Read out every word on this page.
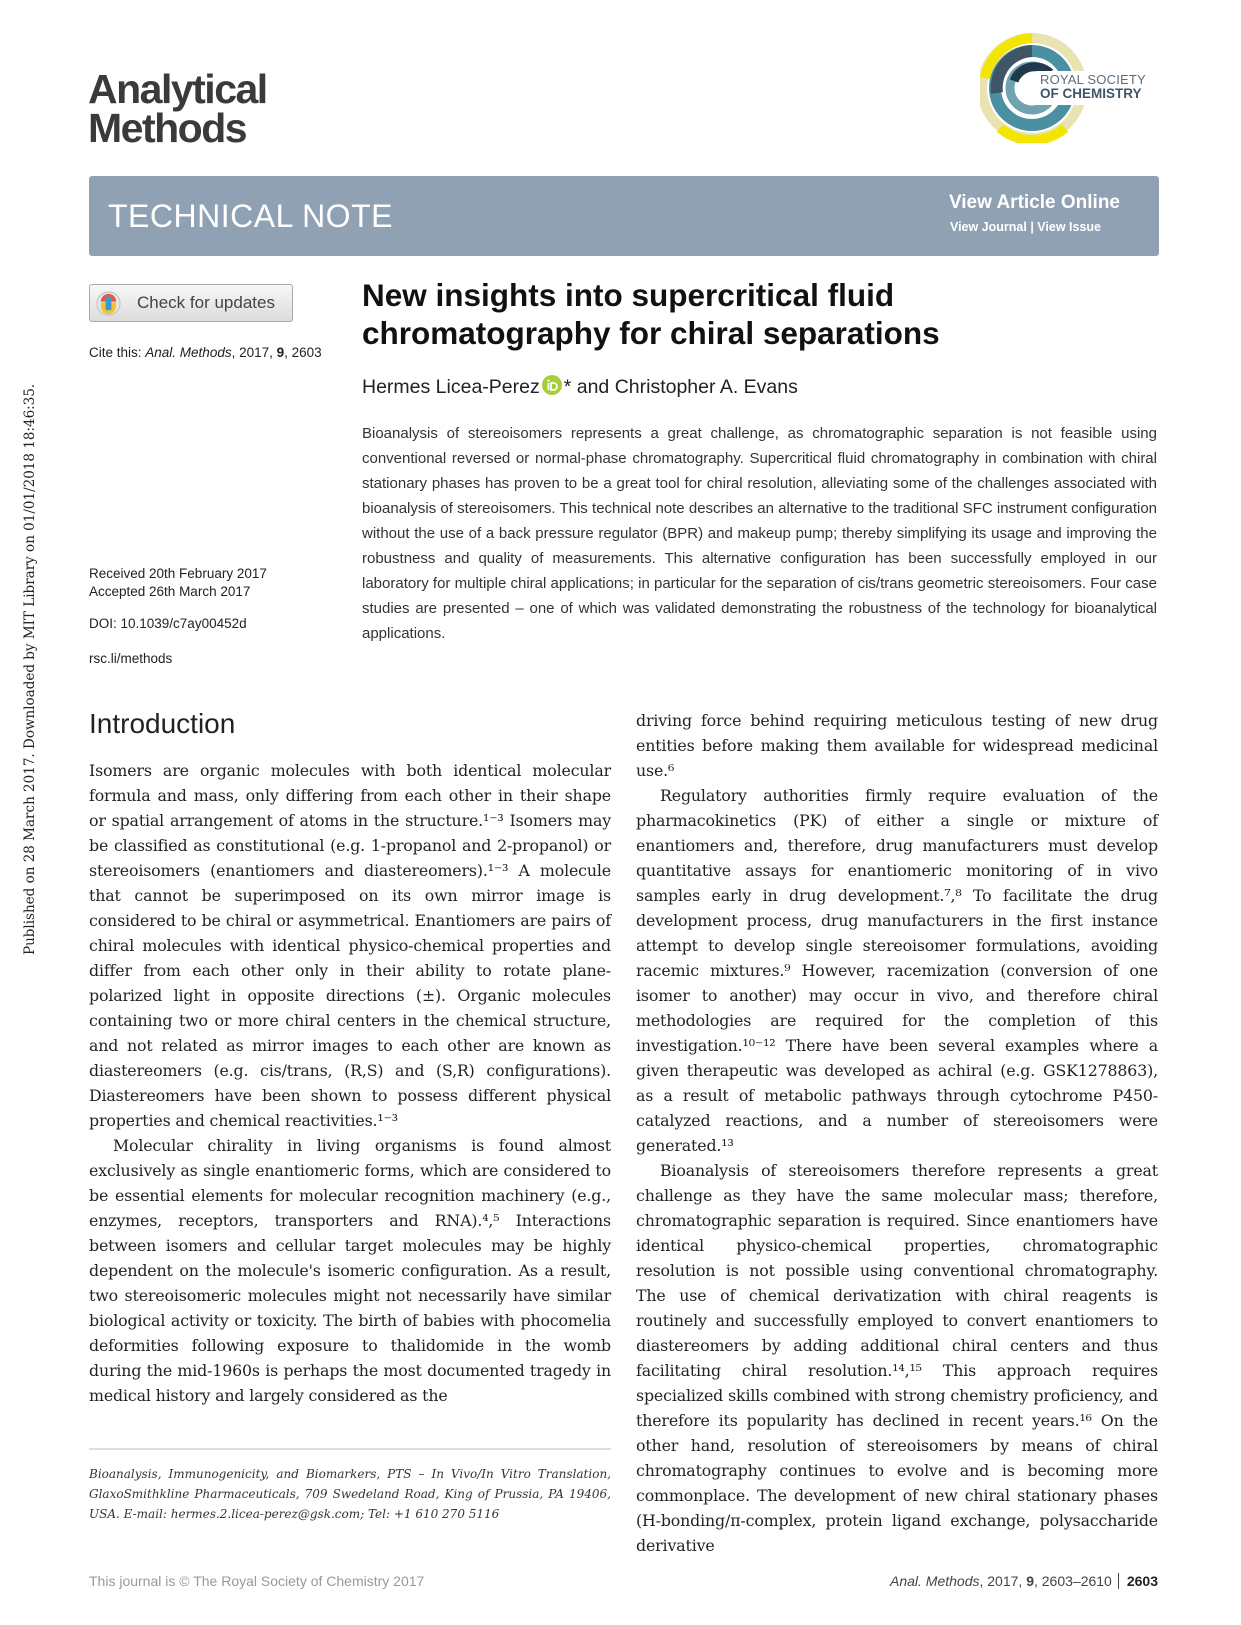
Published on 28 March 2017. Downloaded by MIT Library on 01/01/2018 18:46:35.
Analytical
Methods
ROYAL SOCIETY
OF CHEMISTRY
TECHNICAL NOTE	View Article Online
View Journal | View Issue
Check for updates
Cite this: Anal. Methods, 2017, 9, 2603
Received 20th February 2017
Accepted 26th March 2017
DOI: 10.1039/c7ay00452d
rsc.li/methods
New insights into supercritical fluid
chromatography for chiral separations
Hermes Licea-Perez * and Christopher A. Evans

Bioanalysis of stereoisomers represents a great challenge, as chromatographic separation is not feasible using conventional reversed or normal-phase chromatography. Supercritical fluid chromatography in combination with chiral stationary phases has proven to be a great tool for chiral resolution, alleviating some of the challenges associated with bioanalysis of stereoisomers. This technical note describes an alternative to the traditional SFC instrument configuration without the use of a back pressure regulator (BPR) and makeup pump; thereby simplifying its usage and improving the robustness and quality of measurements. This alternative configuration has been successfully employed in our laboratory for multiple chiral applications; in particular for the separation of cis/trans geometric stereoisomers. Four case studies are presented – one of which was validated demonstrating the robustness of the technology for bioanalytical applications.

Introduction

Isomers are organic molecules with both identical molecular formula and mass, only differing from each other in their shape or spatial arrangement of atoms in the structure.¹⁻³ Isomers may be classified as constitutional (e.g. 1-propanol and 2-propanol) or stereoisomers (enantiomers and diastereomers).¹⁻³ A molecule that cannot be superimposed on its own mirror image is considered to be chiral or asymmetrical. Enantiomers are pairs of chiral molecules with identical physico-chemical properties and differ from each other only in their ability to rotate plane-polarized light in opposite directions (±). Organic molecules containing two or more chiral centers in the chemical structure, and not related as mirror images to each other are known as diastereomers (e.g. cis/trans, (R,S) and (S,R) configurations). Diastereomers have been shown to possess different physical properties and chemical reactivities.¹⁻³

Molecular chirality in living organisms is found almost exclusively as single enantiomeric forms, which are considered to be essential elements for molecular recognition machinery (e.g., enzymes, receptors, transporters and RNA).⁴,⁵ Interactions between isomers and cellular target molecules may be highly dependent on the molecule's isomeric configuration. As a result, two stereoisomeric molecules might not necessarily have similar biological activity or toxicity. The birth of babies with phocomelia deformities following exposure to thalidomide in the womb during the mid-1960s is perhaps the most documented tragedy in medical history and largely considered as the

driving force behind requiring meticulous testing of new drug entities before making them available for widespread medicinal use.⁶

Regulatory authorities firmly require evaluation of the pharmacokinetics (PK) of either a single or mixture of enantiomers and, therefore, drug manufacturers must develop quantitative assays for enantiomeric monitoring of in vivo samples early in drug development.⁷,⁸ To facilitate the drug development process, drug manufacturers in the first instance attempt to develop single stereoisomer formulations, avoiding racemic mixtures.⁹ However, racemization (conversion of one isomer to another) may occur in vivo, and therefore chiral methodologies are required for the completion of this investigation.¹⁰⁻¹² There have been several examples where a given therapeutic was developed as achiral (e.g. GSK1278863), as a result of metabolic pathways through cytochrome P450-catalyzed reactions, and a number of stereoisomers were generated.¹³

Bioanalysis of stereoisomers therefore represents a great challenge as they have the same molecular mass; therefore, chromatographic separation is required. Since enantiomers have identical physico-chemical properties, chromatographic resolution is not possible using conventional chromatography. The use of chemical derivatization with chiral reagents is routinely and successfully employed to convert enantiomers to diastereomers by adding additional chiral centers and thus facilitating chiral resolution.¹⁴,¹⁵ This approach requires specialized skills combined with strong chemistry proficiency, and therefore its popularity has declined in recent years.¹⁶ On the other hand, resolution of stereoisomers by means of chiral chromatography continues to evolve and is becoming more commonplace. The development of new chiral stationary phases (H-bonding/π-complex, protein ligand exchange, polysaccharide derivative

Bioanalysis, Immunogenicity, and Biomarkers, PTS – In Vivo/In Vitro Translation, GlaxoSmithkline Pharmaceuticals, 709 Swedeland Road, King of Prussia, PA 19406, USA. E-mail: hermes.2.licea-perez@gsk.com; Tel: +1 610 270 5116
This journal is © The Royal Society of Chemistry 2017	Anal. Methods, 2017, 9, 2603–2610 2603
